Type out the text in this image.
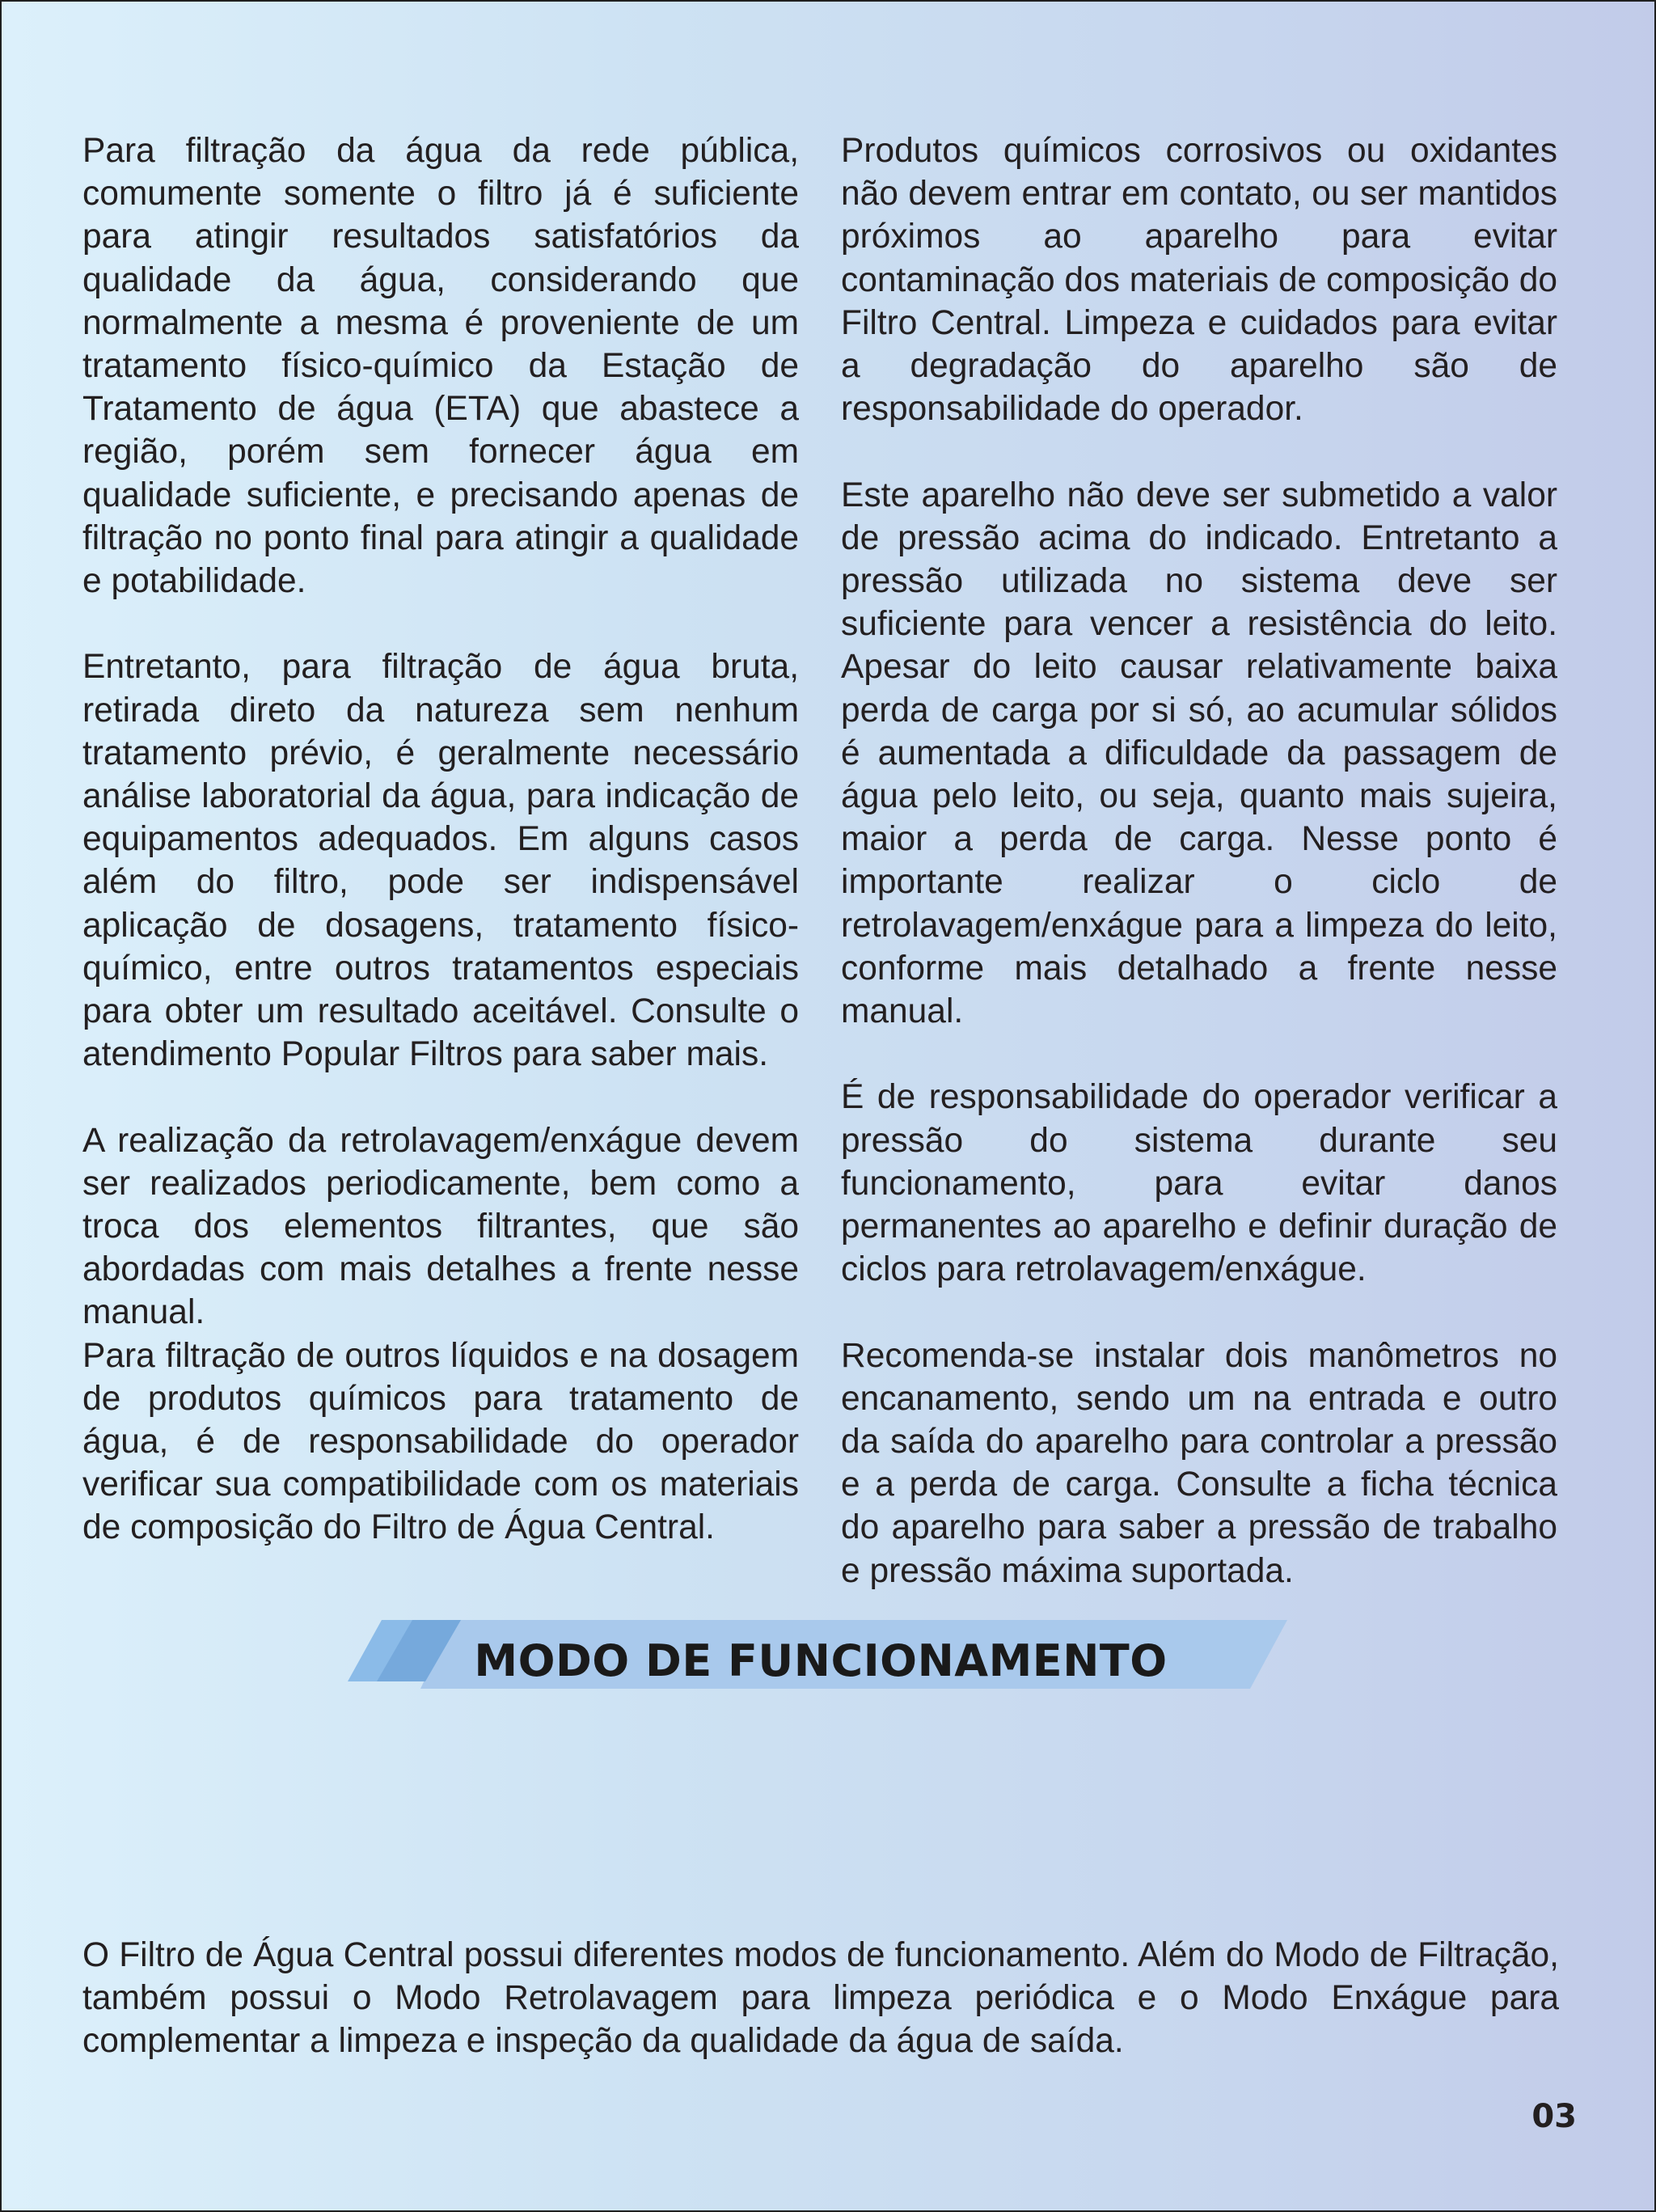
Para filtração da água da rede pública, comumente somente o filtro já é suficiente para atingir resultados satisfatórios da qualidade da água, considerando que normalmente a mesma é proveniente de um tratamento físico-químico da Estação de Tratamento de água (ETA) que abastece a região, porém sem fornecer água em qualidade suficiente, e precisando apenas de filtração no ponto final para atingir a qualidade e potabilidade.

Entretanto, para filtração de água bruta, retirada direto da natureza sem nenhum tratamento prévio, é geralmente necessário análise laboratorial da água, para indicação de equipamentos adequados. Em alguns casos além do filtro, pode ser indispensável aplicação de dosagens, tratamento físico-químico, entre outros tratamentos especiais para obter um resultado aceitável. Consulte o atendimento Popular Filtros para saber mais.

A realização da retrolavagem/enxágue devem ser realizados periodicamente, bem como a troca dos elementos filtrantes, que são abordadas com mais detalhes a frente nesse manual.

Para filtração de outros líquidos e na dosagem de produtos químicos para tratamento de água, é de responsabilidade do operador verificar sua compatibilidade com os materiais de composição do Filtro de Água Central.

Produtos químicos corrosivos ou oxidantes não devem entrar em contato, ou ser mantidos próximos ao aparelho para evitar contaminação dos materiais de composição do Filtro Central. Limpeza e cuidados para evitar a degradação do aparelho são de responsabilidade do operador.

Este aparelho não deve ser submetido a valor de pressão acima do indicado. Entretanto a pressão utilizada no sistema deve ser suficiente para vencer a resistência do leito. Apesar do leito causar relativamente baixa perda de carga por si só, ao acumular sólidos é aumentada a dificuldade da passagem de água pelo leito, ou seja, quanto mais sujeira, maior a perda de carga. Nesse ponto é importante realizar o ciclo de retrolavagem/enxágue para a limpeza do leito, conforme mais detalhado a frente nesse manual.

É de responsabilidade do operador verificar a pressão do sistema durante seu funcionamento, para evitar danos permanentes ao aparelho e definir duração de ciclos para retrolavagem/enxágue.

Recomenda-se instalar dois manômetros no encanamento, sendo um na entrada e outro da saída do aparelho para controlar a pressão e a perda de carga. Consulte a ficha técnica do aparelho para saber a pressão de trabalho e pressão máxima suportada.

MODO DE FUNCIONAMENTO

O Filtro de Água Central possui diferentes modos de funcionamento. Além do Modo de Filtração, também possui o Modo Retrolavagem para limpeza periódica e o Modo Enxágue para complementar a limpeza e inspeção da qualidade da água de saída.

03
